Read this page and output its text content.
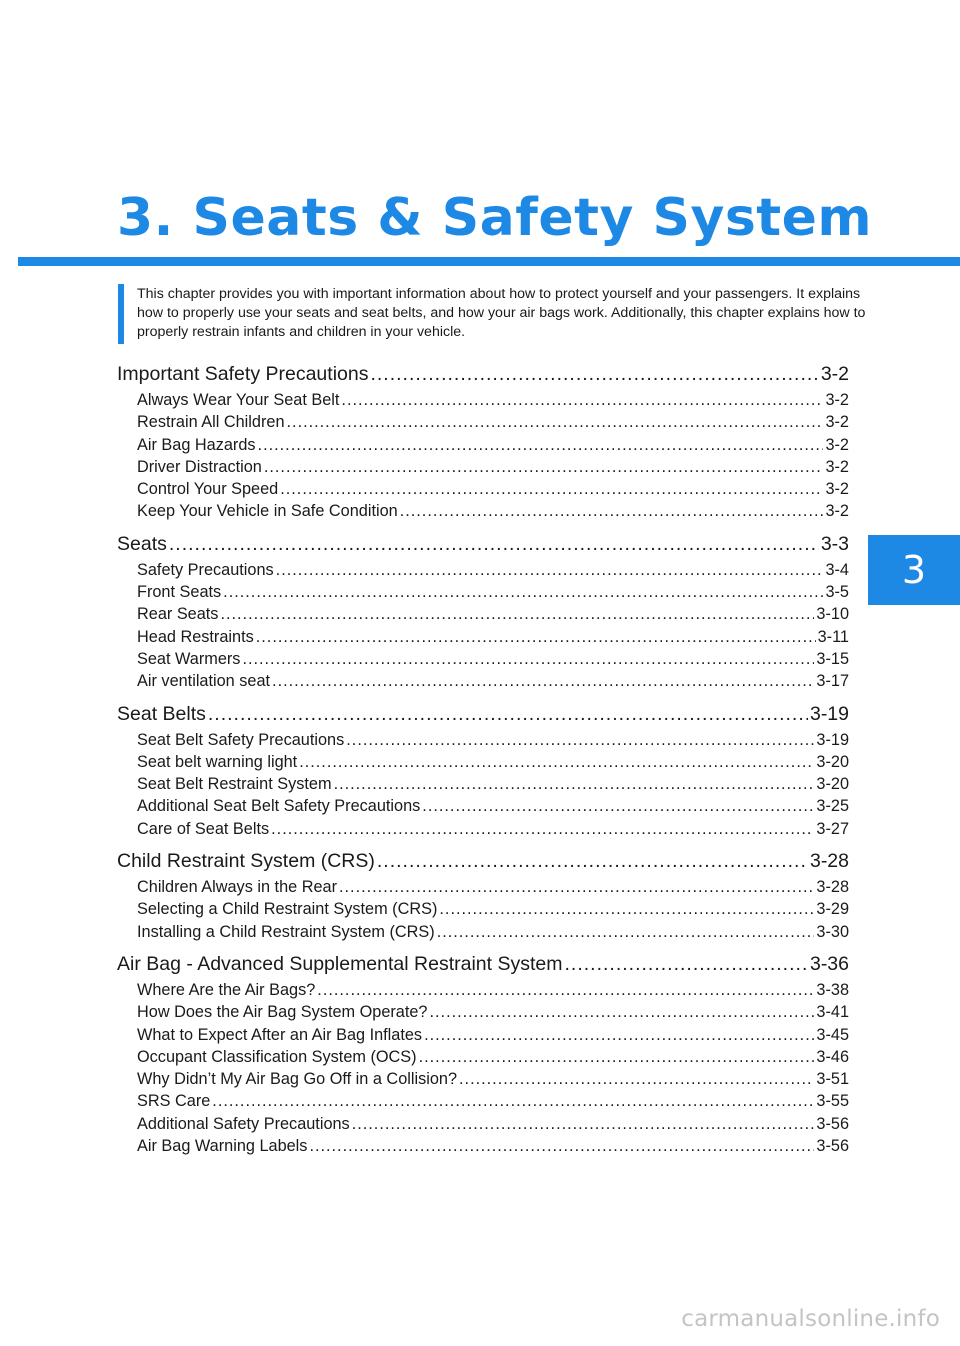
3. Seats & Safety System
This chapter provides you with important information about how to protect yourself and your passengers. It explains how to properly use your seats and seat belts, and how your air bags work. Additionally, this chapter explains how to properly restrain infants and children in your vehicle.
Important Safety Precautions .....	3-2
Always Wear Your Seat Belt .....	3-2
Restrain All Children .....	3-2
Air Bag Hazards .....	3-2
Driver Distraction .....	3-2
Control Your Speed .....	3-2
Keep Your Vehicle in Safe Condition .....	3-2
Seats .....	3-3
Safety Precautions .....	3-4
Front Seats .....	3-5
Rear Seats .....	3-10
Head Restraints .....	3-11
Seat Warmers .....	3-15
Air ventilation seat .....	3-17
Seat Belts .....	3-19
Seat Belt Safety Precautions .....	3-19
Seat belt warning light .....	3-20
Seat Belt Restraint System .....	3-20
Additional Seat Belt Safety Precautions .....	3-25
Care of Seat Belts .....	3-27
Child Restraint System (CRS) .....	3-28
Children Always in the Rear .....	3-28
Selecting a Child Restraint System (CRS) .....	3-29
Installing a Child Restraint System (CRS) .....	3-30
Air Bag - Advanced Supplemental Restraint System .....	3-36
Where Are the Air Bags? .....	3-38
How Does the Air Bag System Operate? .....	3-41
What to Expect After an Air Bag Inflates .....	3-45
Occupant Classification System (OCS) .....	3-46
Why Didn’t My Air Bag Go Off in a Collision? .....	3-51
SRS Care .....	3-55
Additional Safety Precautions .....	3-56
Air Bag Warning Labels .....	3-56
3
carmanualsonline.info
